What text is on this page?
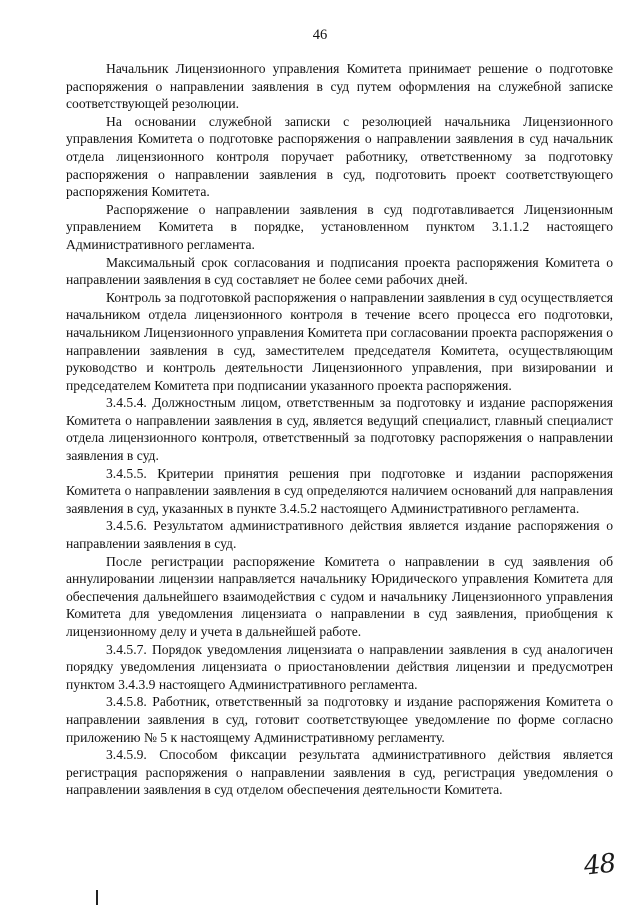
46

Начальник Лицензионного управления Комитета принимает решение о подготовке распоряжения о направлении заявления в суд путем оформления на служебной записке соответствующей резолюции.

На основании служебной записки с резолюцией начальника Лицензионного управления Комитета о подготовке распоряжения о направлении заявления в суд начальник отдела лицензионного контроля поручает работнику, ответственному за подготовку распоряжения о направлении заявления в суд, подготовить проект соответствующего распоряжения Комитета.

Распоряжение о направлении заявления в суд подготавливается Лицензионным управлением Комитета в порядке, установленном пунктом 3.1.1.2 настоящего Административного регламента.

Максимальный срок согласования и подписания проекта распоряжения Комитета о направлении заявления в суд составляет не более семи рабочих дней.

Контроль за подготовкой распоряжения о направлении заявления в суд осуществляется начальником отдела лицензионного контроля в течение всего процесса его подготовки, начальником Лицензионного управления Комитета при согласовании проекта распоряжения о направлении заявления в суд, заместителем председателя Комитета, осуществляющим руководство и контроль деятельности Лицензионного управления, при визировании и председателем Комитета при подписании указанного проекта распоряжения.

3.4.5.4. Должностным лицом, ответственным за подготовку и издание распоряжения Комитета о направлении заявления в суд, является ведущий специалист, главный специалист отдела лицензионного контроля, ответственный за подготовку распоряжения о направлении заявления в суд.

3.4.5.5. Критерии принятия решения при подготовке и издании распоряжения Комитета о направлении заявления в суд определяются наличием оснований для направления заявления в суд, указанных в пункте 3.4.5.2 настоящего Административного регламента.

3.4.5.6. Результатом административного действия является издание распоряжения о направлении заявления в суд.

После регистрации распоряжение Комитета о направлении в суд заявления об аннулировании лицензии направляется начальнику Юридического управления Комитета для обеспечения дальнейшего взаимодействия с судом и начальнику Лицензионного управления Комитета для уведомления лицензиата о направлении в суд заявления, приобщения к лицензионному делу и учета в дальнейшей работе.

3.4.5.7. Порядок уведомления лицензиата о направлении заявления в суд аналогичен порядку уведомления лицензиата о приостановлении действия лицензии и предусмотрен пунктом 3.4.3.9 настоящего Административного регламента.

3.4.5.8. Работник, ответственный за подготовку и издание распоряжения Комитета о направлении заявления в суд, готовит соответствующее уведомление по форме согласно приложению № 5 к настоящему Административному регламенту.

3.4.5.9. Способом фиксации результата административного действия является регистрация распоряжения о направлении заявления в суд, регистрация уведомления о направлении заявления в суд отделом обеспечения деятельности Комитета.

48
